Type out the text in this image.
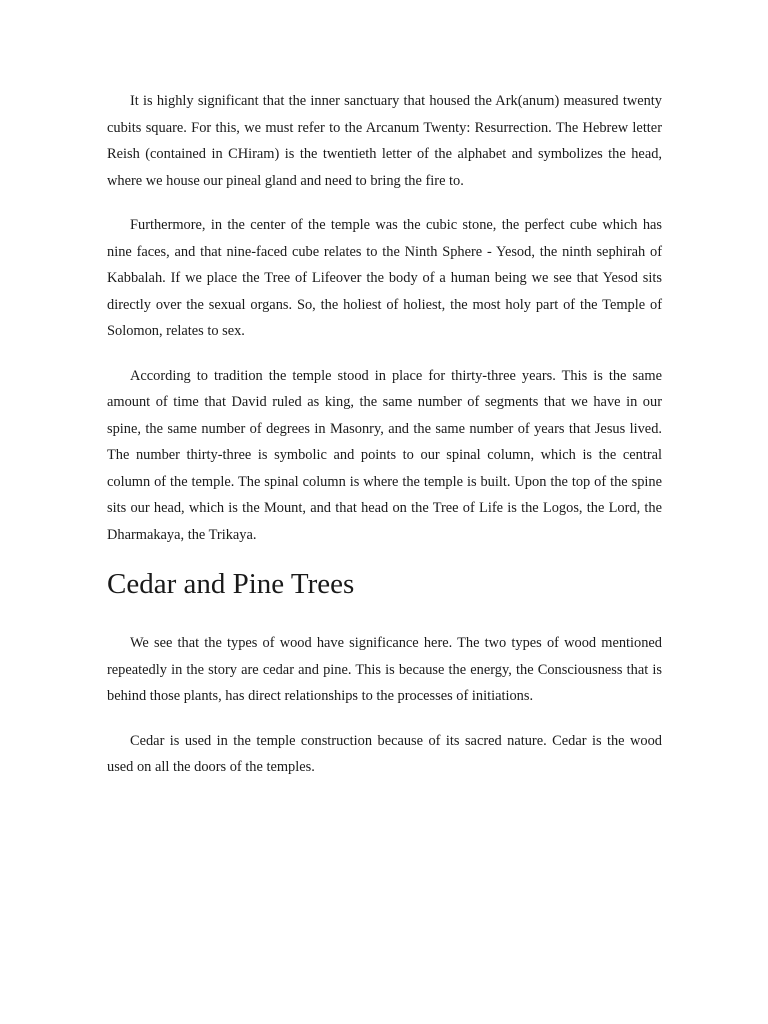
It is highly significant that the inner sanctuary that housed the Ark(anum) measured twenty cubits square. For this, we must refer to the Arcanum Twenty: Resurrection. The Hebrew letter Reish (contained in CHiram) is the twentieth letter of the alphabet and symbolizes the head, where we house our pineal gland and need to bring the fire to.

Furthermore, in the center of the temple was the cubic stone, the perfect cube which has nine faces, and that nine-faced cube relates to the Ninth Sphere - Yesod, the ninth sephirah of Kabbalah. If we place the Tree of Lifeover the body of a human being we see that Yesod sits directly over the sexual organs. So, the holiest of holiest, the most holy part of the Temple of Solomon, relates to sex.

According to tradition the temple stood in place for thirty-three years. This is the same amount of time that David ruled as king, the same number of segments that we have in our spine, the same number of degrees in Masonry, and the same number of years that Jesus lived. The number thirty-three is symbolic and points to our spinal column, which is the central column of the temple. The spinal column is where the temple is built. Upon the top of the spine sits our head, which is the Mount, and that head on the Tree of Life is the Logos, the Lord, the Dharmakaya, the Trikaya.

Cedar and Pine Trees

We see that the types of wood have significance here. The two types of wood mentioned repeatedly in the story are cedar and pine. This is because the energy, the Consciousness that is behind those plants, has direct relationships to the processes of initiations.

Cedar is used in the temple construction because of its sacred nature. Cedar is the wood used on all the doors of the temples.
